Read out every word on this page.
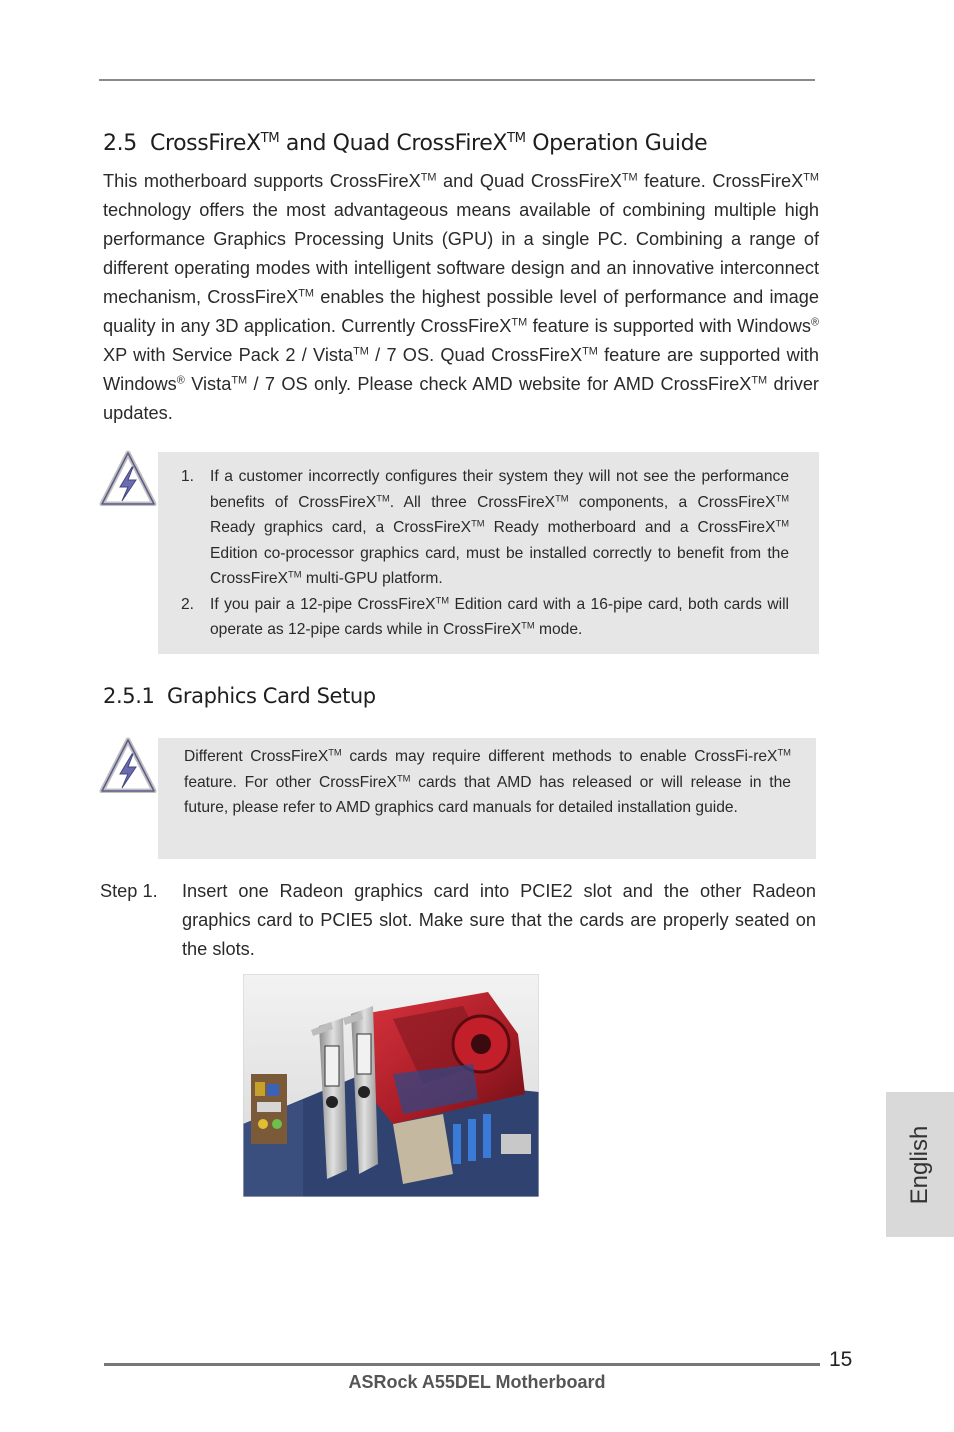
2.5 CrossFireX™ and Quad CrossFireX™ Operation Guide

This motherboard supports CrossFireX™ and Quad CrossFireX™ feature. CrossFireX™ technology offers the most advantageous means available of combining multiple high performance Graphics Processing Units (GPU) in a single PC. Combining a range of different operating modes with intelligent software design and an innovative interconnect mechanism, CrossFireX™ enables the highest possible level of performance and image quality in any 3D application. Currently CrossFireX™ feature is supported with Windows® XP with Service Pack 2 / Vista™ / 7 OS. Quad CrossFireX™ feature are supported with Windows® Vista™ / 7 OS only. Please check AMD website for AMD CrossFireX™ driver updates.

1. If a customer incorrectly configures their system they will not see the performance benefits of CrossFireX™. All three CrossFireX™ components, a CrossFireX™ Ready graphics card, a CrossFireX™ Ready motherboard and a CrossFireX™ Edition co-processor graphics card, must be installed correctly to benefit from the CrossFireX™ multi-GPU platform.
2. If you pair a 12-pipe CrossFireX™ Edition card with a 16-pipe card, both cards will operate as 12-pipe cards while in CrossFireX™ mode.
2.5.1 Graphics Card Setup

Different CrossFireX™ cards may require different methods to enable CrossFi-reX™ feature. For other CrossFireX™ cards that AMD has released or will release in the future, please refer to AMD graphics card manuals for detailed installation guide.

Step 1. Insert one Radeon graphics card into PCIE2 slot and the other Radeon graphics card to PCIE5 slot. Make sure that the cards are properly seated on the slots.

English
15
ASRock A55DEL Motherboard
